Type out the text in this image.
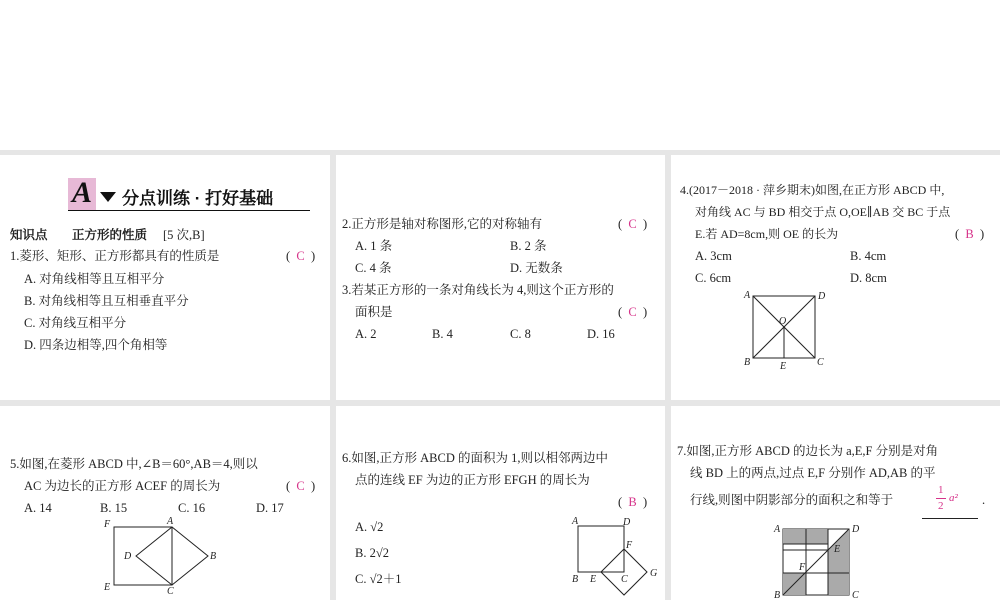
A 分点训练 · 打好基础
知识点 正方形的性质 [5 次,B]
1.菱形、矩形、正方形都具有的性质是	(  C  )
A. 对角线相等且互相平分
B. 对角线相等且互相垂直平分
C. 对角线互相平分
D. 四条边相等,四个角相等
2.正方形是轴对称图形,它的对称轴有	(  C  )
A. 1 条	B. 2 条
C. 4 条	D. 无数条
3.若某正方形的一条对角线长为 4,则这个正方形的
面积是	(  C  )
A. 2	B. 4	C. 8	D. 16
4.(2017－2018 · 萍乡期末)如图,在正方形 ABCD 中,
对角线 AC 与 BD 相交于点 O,OE∥AB 交 BC 于点
E.若 AD=8cm,则 OE 的长为	(  B  )
A. 3cm	B. 4cm
C. 6cm	D. 8cm
A	D
O
B	E	C
5.如图,在菱形 ABCD 中,∠B＝60°,AB＝4,则以
AC 为边长的正方形 ACEF 的周长为	(  C  )
A. 14	B. 15	C. 16	D. 17
F	A
D	B
E	C
6.如图,正方形 ABCD 的面积为 1,则以相邻两边中
点的连线 EF 为边的正方形 EFGH 的周长为
(  B  )
A. √2
B. 2√2
C. √2＋1
A	D
F
G
B E C
7.如图,正方形 ABCD 的边长为 a,E,F 分别是对角
线 BD 上的两点,过点 E,F 分别作 AD,AB 的平
行线,则图中阴影部分的面积之和等于
1
2
a² .
A	D
E
F
B	C
